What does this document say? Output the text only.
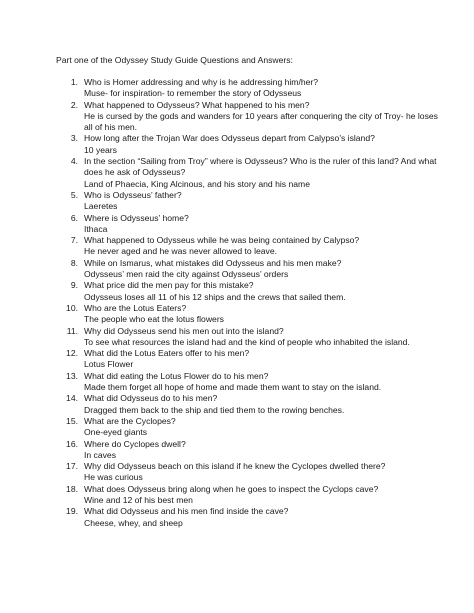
Part one of the Odyssey Study Guide Questions and Answers:
1. Who is Homer addressing and why is he addressing him/her?
Muse- for inspiration- to remember the story of Odysseus
2. What happened to Odysseus? What happened to his men?
He is cursed by the gods and wanders for 10 years after conquering the city of Troy- he loses all of his men.
3. How long after the Trojan War does Odysseus depart from Calypso’s island?
10 years
4. In the section “Sailing from Troy” where is Odysseus? Who is the ruler of this land? And what does he ask of Odysseus?
Land of Phaecia, King Alcinous, and his story and his name
5. Who is Odysseus’ father?
Laeretes
6. Where is Odysseus’ home?
Ithaca
7. What happened to Odysseus while he was being contained by Calypso?
He never aged and he was never allowed to leave.
8. While on Ismarus, what mistakes did Odysseus and his men make?
Odysseus’ men raid the city against Odysseus’ orders
9. What price did the men pay for this mistake?
Odysseus loses all 11 of his 12 ships and the crews that sailed them.
10. Who are the Lotus Eaters?
The people who eat the lotus flowers
11. Why did Odysseus send his men out into the island?
To see what resources the island had and the kind of people who inhabited the island.
12. What did the Lotus Eaters offer to his men?
Lotus Flower
13. What did eating the Lotus Flower do to his men?
Made them forget all hope of home and made them want to stay on the island.
14. What did Odysseus do to his men?
Dragged them back to the ship and tied them to the rowing benches.
15. What are the Cyclopes?
One-eyed giants
16. Where do Cyclopes dwell?
In caves
17. Why did Odysseus beach on this island if he knew the Cyclopes dwelled there?
He was curious
18. What does Odysseus bring along when he goes to inspect the Cyclops cave?
Wine and 12 of his best men
19. What did Odysseus and his men find inside the cave?
Cheese, whey, and sheep
